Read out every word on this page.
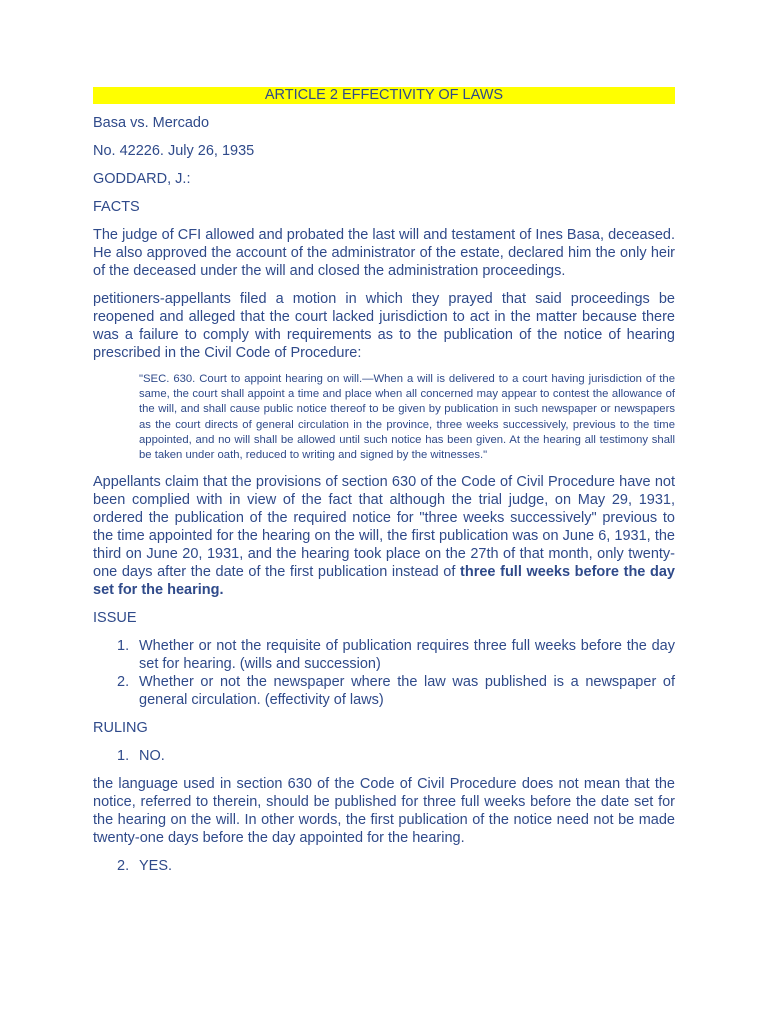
ARTICLE 2 EFFECTIVITY OF LAWS
Basa vs. Mercado
No. 42226. July 26, 1935
GODDARD, J.:
FACTS
The judge of CFI allowed and probated the last will and testament of Ines Basa, deceased. He also approved the account of the administrator of the estate, declared him the only heir of the deceased under the will and closed the administration proceedings.
petitioners-appellants filed a motion in which they prayed that said proceedings be reopened and alleged that the court lacked jurisdiction to act in the matter because there was a failure to comply with requirements as to the publication of the notice of hearing prescribed in the Civil Code of Procedure:
"SEC. 630. Court to appoint hearing on will.—When a will is delivered to a court having jurisdiction of the same, the court shall appoint a time and place when all concerned may appear to contest the allowance of the will, and shall cause public notice thereof to be given by publication in such newspaper or newspapers as the court directs of general circulation in the province, three weeks successively, previous to the time appointed, and no will shall be allowed until such notice has been given. At the hearing all testimony shall be taken under oath, reduced to writing and signed by the witnesses."
Appellants claim that the provisions of section 630 of the Code of Civil Procedure have not been complied with in view of the fact that although the trial judge, on May 29, 1931, ordered the publication of the required notice for "three weeks successively" previous to the time appointed for the hearing on the will, the first publication was on June 6, 1931, the third on June 20, 1931, and the hearing took place on the 27th of that month, only twenty-one days after the date of the first publication instead of three full weeks before the day set for the hearing.
ISSUE
1. Whether or not the requisite of publication requires three full weeks before the day set for hearing. (wills and succession)
2. Whether or not the newspaper where the law was published is a newspaper of general circulation. (effectivity of laws)
RULING
1. NO.
the language used in section 630 of the Code of Civil Procedure does not mean that the notice, referred to therein, should be published for three full weeks before the date set for the hearing on the will. In other words, the first publication of the notice need not be made twenty-one days before the day appointed for the hearing.
2. YES.
